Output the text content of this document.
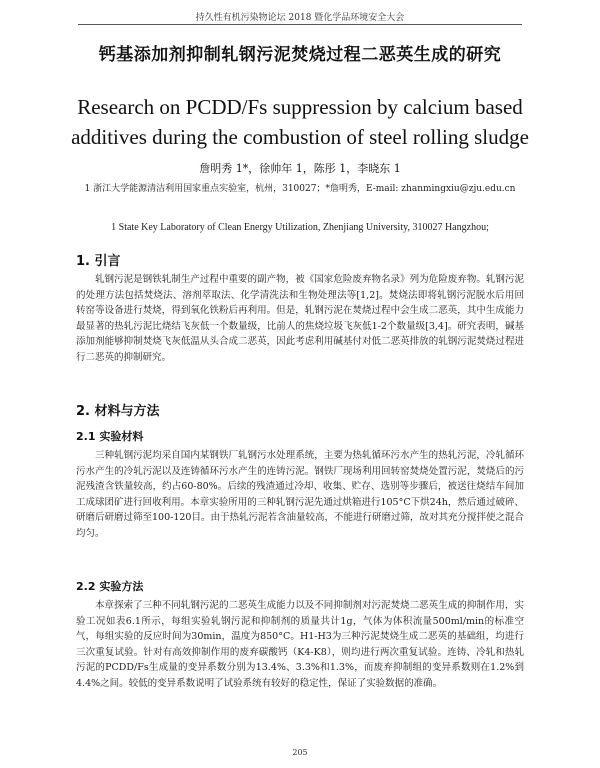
持久性有机污染物论坛 2018 暨化学品环境安全大会
钙基添加剂抑制轧钢污泥焚烧过程二恶英生成的研究
Research on PCDD/Fs suppression by calcium based additives during the combustion of steel rolling sludge
詹明秀 1*，徐帅年 1，陈彤 1，李晓东 1
1 浙江大学能源清洁利用国家重点实验室，杭州，310027；*詹明秀，E-mail: zhanmingxiu@zju.edu.cn
1 State Key Laboratory of Clean Energy Utilization, Zhenjiang University, 310027 Hangzhou;
1. 引言
轧钢污泥是钢铁轧制生产过程中重要的副产物，被《国家危险废弃物名录》列为危险废弃物。轧钢污泥的处理方法包括焚烧法、溶剂萃取法、化学清洗法和生物处理法等[1,2]。焚烧法即将轧钢污泥脱水后用回转窑等设备进行焚烧，得到氧化铁粉后再利用。但是，轧钢污泥在焚烧过程中会生成二恶英，其中生成能力最显著的热轧污泥比烧结飞灰低一个数量级，比前人的焦烧垃圾飞灰低1-2个数量级[3,4]。研究表明，碱基添加剂能够抑制焚烧飞灰低温从头合成二恶英，因此考虑利用碱基付对低二恶英排放的轧钢污泥焚烧过程进行二恶英的抑制研究。
2. 材料与方法
2.1 实验材料
三种轧钢污泥均采自国内某钢铁厂轧钢污水处理系统，主要为热轧循环污水产生的热轧污泥，冷轧循环污水产生的冷轧污泥以及连铸循环污水产生的连铸污泥。钢铁厂现场利用回转窑焚烧处置污泥，焚烧后的污泥残渣含铁量较高，约占60-80%。后续的残渣通过冷却、收集、贮存、选别等步骤后，被送往烧结车间加工成球团矿进行回收利用。本章实验所用的三种轧钢污泥先通过烘箱进行105°C下烘24h，然后通过破碎、研磨后研磨过筛至100-120目。由于热轧污泥若含油量较高，不能进行研磨过筛，故对其充分搅拌使之混合均匀。
2.2 实验方法
本章探索了三种不同轧钢污泥的二恶英生成能力以及不同抑制剂对污泥焚烧二恶英生成的抑制作用，实验工况如表6.1所示，每组实验轧钢污泥和抑制剂的质量共计1g，气体为体积流量500ml/min的标准空气，每组实验的反应时间为30min，温度为850°C。H1-H3为三种污泥焚烧生成二恶英的基础组，均进行三次重复试验。针对有高效抑制作用的废弃碳酸钙（K4-K8），则均进行两次重复试验。连铸、冷轧和热轧污泥的PCDD/Fs生成量的变异系数分别为13.4%、3.3%和1.3%，而废弃抑制组的变异系数则在1.2%到4.4%之间。较低的变异系数说明了试验系统有较好的稳定性，保证了实验数据的准确。
205
